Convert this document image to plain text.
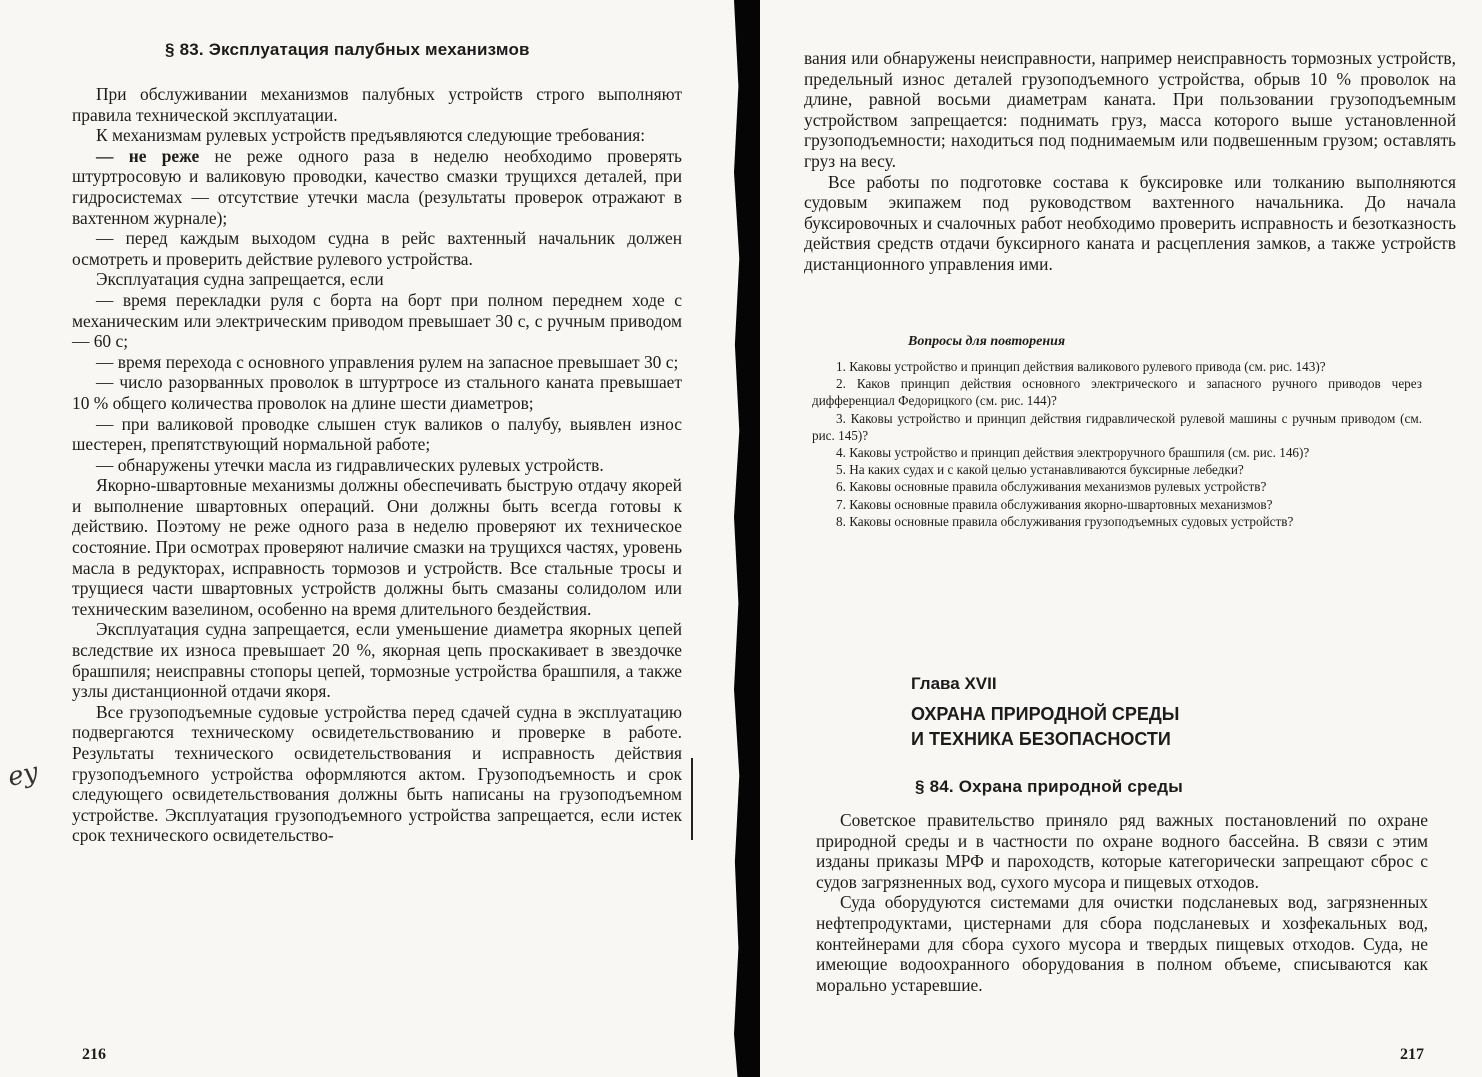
§ 83. Эксплуатация палубных механизмов

При обслуживании механизмов палубных устройств строго выполняют правила технической эксплуатации.

К механизмам рулевых устройств предъявляются следующие требования:

— не реже не реже одного раза в неделю необходимо проверять штуртросовую и валиковую проводки, качество смазки трущихся деталей, при гидросистемах — отсутствие утечки масла (результаты проверок отражают в вахтенном журнале);

— перед каждым выходом судна в рейс вахтенный начальник должен осмотреть и проверить действие рулевого устройства.

Эксплуатация судна запрещается, если

— время перекладки руля с борта на борт при полном переднем ходе с механическим или электрическим приводом превышает 30 с, с ручным приводом — 60 с;

— время перехода с основного управления рулем на запасное превышает 30 с;

— число разорванных проволок в штуртросе из стального каната превышает 10 % общего количества проволок на длине шести диаметров;

— при валиковой проводке слышен стук валиков о палубу, выявлен износ шестерен, препятствующий нормальной работе;

— обнаружены утечки масла из гидравлических рулевых устройств.

Якорно-швартовные механизмы должны обеспечивать быструю отдачу якорей и выполнение швартовных операций. Они должны быть всегда готовы к действию. Поэтому не реже одного раза в неделю проверяют их техническое состояние. При осмотрах проверяют наличие смазки на трущихся частях, уровень масла в редукторах, исправность тормозов и устройств. Все стальные тросы и трущиеся части швартовных устройств должны быть смазаны солидолом или техническим вазелином, особенно на время длительного бездействия.

Эксплуатация судна запрещается, если уменьшение диаметра якорных цепей вследствие их износа превышает 20 %, якорная цепь проскакивает в звездочке брашпиля; неисправны стопоры цепей, тормозные устройства брашпиля, а также узлы дистанционной отдачи якоря.

Все грузоподъемные судовые устройства перед сдачей судна в эксплуатацию подвергаются техническому освидетельствованию и проверке в работе. Результаты технического освидетельствования и исправность действия грузоподъемного устройства оформляются актом. Грузоподъемность и срок следующего освидетельствования должны быть написаны на грузоподъемном устройстве. Эксплуатация грузоподъемного устройства запрещается, если истек срок технического освидетельство-

еу
216

вания или обнаружены неисправности, например неисправность тормозных устройств, предельный износ деталей грузоподъемного устройства, обрыв 10 % проволок на длине, равной восьми диаметрам каната. При пользовании грузоподъемным устройством запрещается: поднимать груз, масса которого выше установленной грузоподъемности; находиться под поднимаемым или подвешенным грузом; оставлять груз на весу.

Все работы по подготовке состава к буксировке или толканию выполняются судовым экипажем под руководством вахтенного начальника. До начала буксировочных и счалочных работ необходимо проверить исправность и безотказность действия средств отдачи буксирного каната и расцепления замков, а также устройств дистанционного управления ими.

Вопросы для повторения

1. Каковы устройство и принцип действия валикового рулевого привода (см. рис. 143)?

2. Каков принцип действия основного электрического и запасного ручного приводов через дифференциал Федорицкого (см. рис. 144)?

3. Каковы устройство и принцип действия гидравлической рулевой машины с ручным приводом (см. рис. 145)?

4. Каковы устройство и принцип действия электроручного брашпиля (см. рис. 146)?

5. На каких судах и с какой целью устанавливаются буксирные лебедки?

6. Каковы основные правила обслуживания механизмов рулевых устройств?

7. Каковы основные правила обслуживания якорно-швартовных механизмов?

8. Каковы основные правила обслуживания грузоподъемных судовых устройств?

Глава XVII
ОХРАНА ПРИРОДНОЙ СРЕДЫ
И ТЕХНИКА БЕЗОПАСНОСТИ
§ 84. Охрана природной среды

Советское правительство приняло ряд важных постановлений по охране природной среды и в частности по охране водного бассейна. В связи с этим изданы приказы МРФ и пароходств, которые категорически запрещают сброс с судов загрязненных вод, сухого мусора и пищевых отходов.

Суда оборудуются системами для очистки подсланевых вод, загрязненных нефтепродуктами, цистернами для сбора подсланевых и хозфекальных вод, контейнерами для сбора сухого мусора и твердых пищевых отходов. Суда, не имеющие водоохранного оборудования в полном объеме, списываются как морально устаревшие.

217
